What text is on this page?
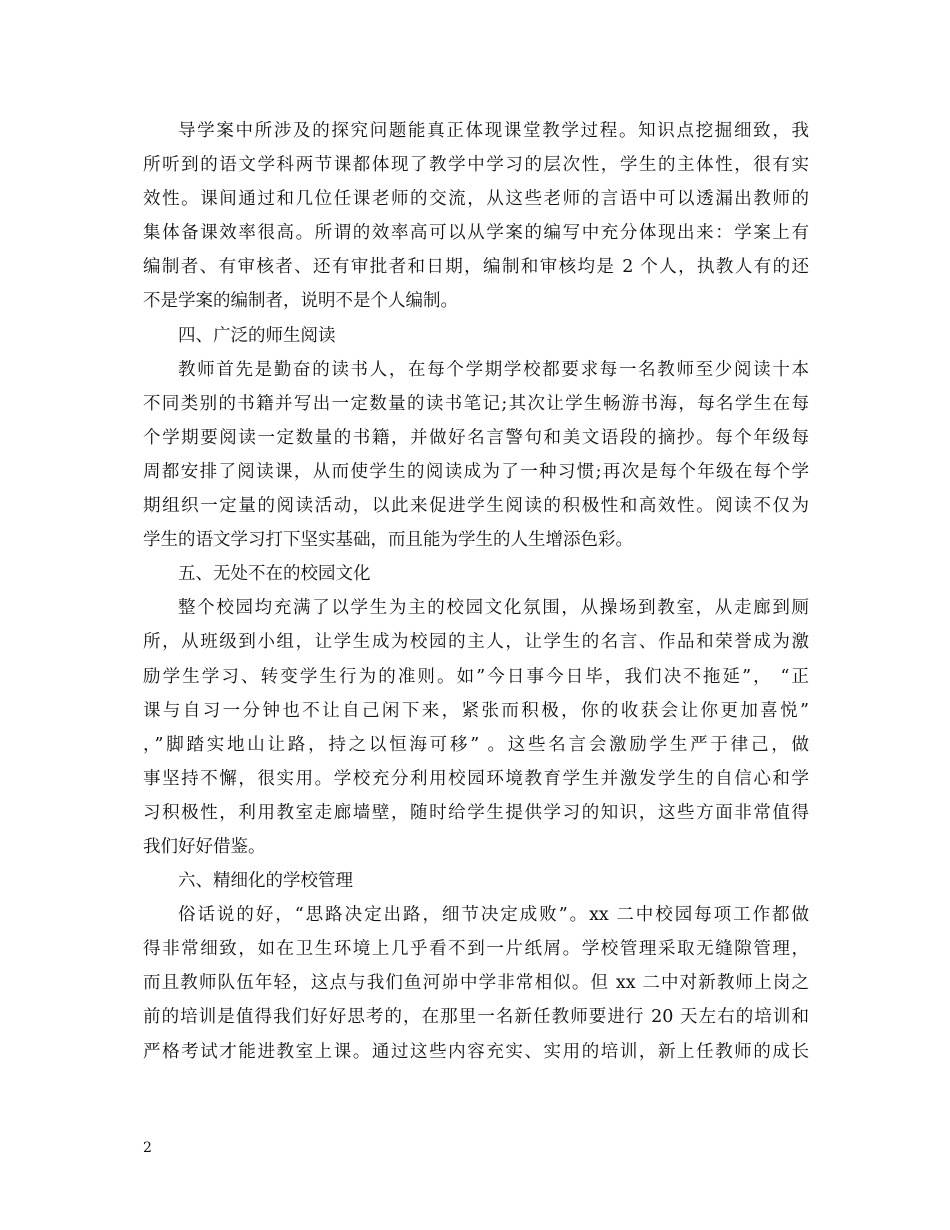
导学案中所涉及的探究问题能真正体现课堂教学过程。知识点挖掘细致，我
所听到的语文学科两节课都体现了教学中学习的层次性，学生的主体性，很有实
效性。课间通过和几位任课老师的交流，从这些老师的言语中可以透漏出教师的
集体备课效率很高。所谓的效率高可以从学案的编写中充分体现出来：学案上有
编制者、有审核者、还有审批者和日期，编制和审核均是 2 个人，执教人有的还
不是学案的编制者，说明不是个人编制。
四、广泛的师生阅读
教师首先是勤奋的读书人，在每个学期学校都要求每一名教师至少阅读十本
不同类别的书籍并写出一定数量的读书笔记;其次让学生畅游书海，每名学生在每
个学期要阅读一定数量的书籍，并做好名言警句和美文语段的摘抄。每个年级每
周都安排了阅读课，从而使学生的阅读成为了一种习惯;再次是每个年级在每个学
期组织一定量的阅读活动，以此来促进学生阅读的积极性和高效性。阅读不仅为
学生的语文学习打下坚实基础，而且能为学生的人生增添色彩。
五、无处不在的校园文化
整个校园均充满了以学生为主的校园文化氛围，从操场到教室，从走廊到厕
所，从班级到小组，让学生成为校园的主人，让学生的名言、作品和荣誉成为激
励学生学习、转变学生行为的准则。如”今日事今日毕，我们决不拖延”， “正
课与自习一分钟也不让自己闲下来，紧张而积极，你的收获会让你更加喜悦”
，”脚踏实地山让路，持之以恒海可移” 。这些名言会激励学生严于律己，做
事坚持不懈，很实用。学校充分利用校园环境教育学生并激发学生的自信心和学
习积极性，利用教室走廊墙壁，随时给学生提供学习的知识，这些方面非常值得
我们好好借鉴。
六、精细化的学校管理
俗话说的好，“思路决定出路，细节决定成败”。xx 二中校园每项工作都做
得非常细致，如在卫生环境上几乎看不到一片纸屑。学校管理采取无缝隙管理，
而且教师队伍年轻，这点与我们鱼河峁中学非常相似。但 xx 二中对新教师上岗之
前的培训是值得我们好好思考的，在那里一名新任教师要进行 20 天左右的培训和
严格考试才能进教室上课。通过这些内容充实、实用的培训，新上任教师的成长
2
